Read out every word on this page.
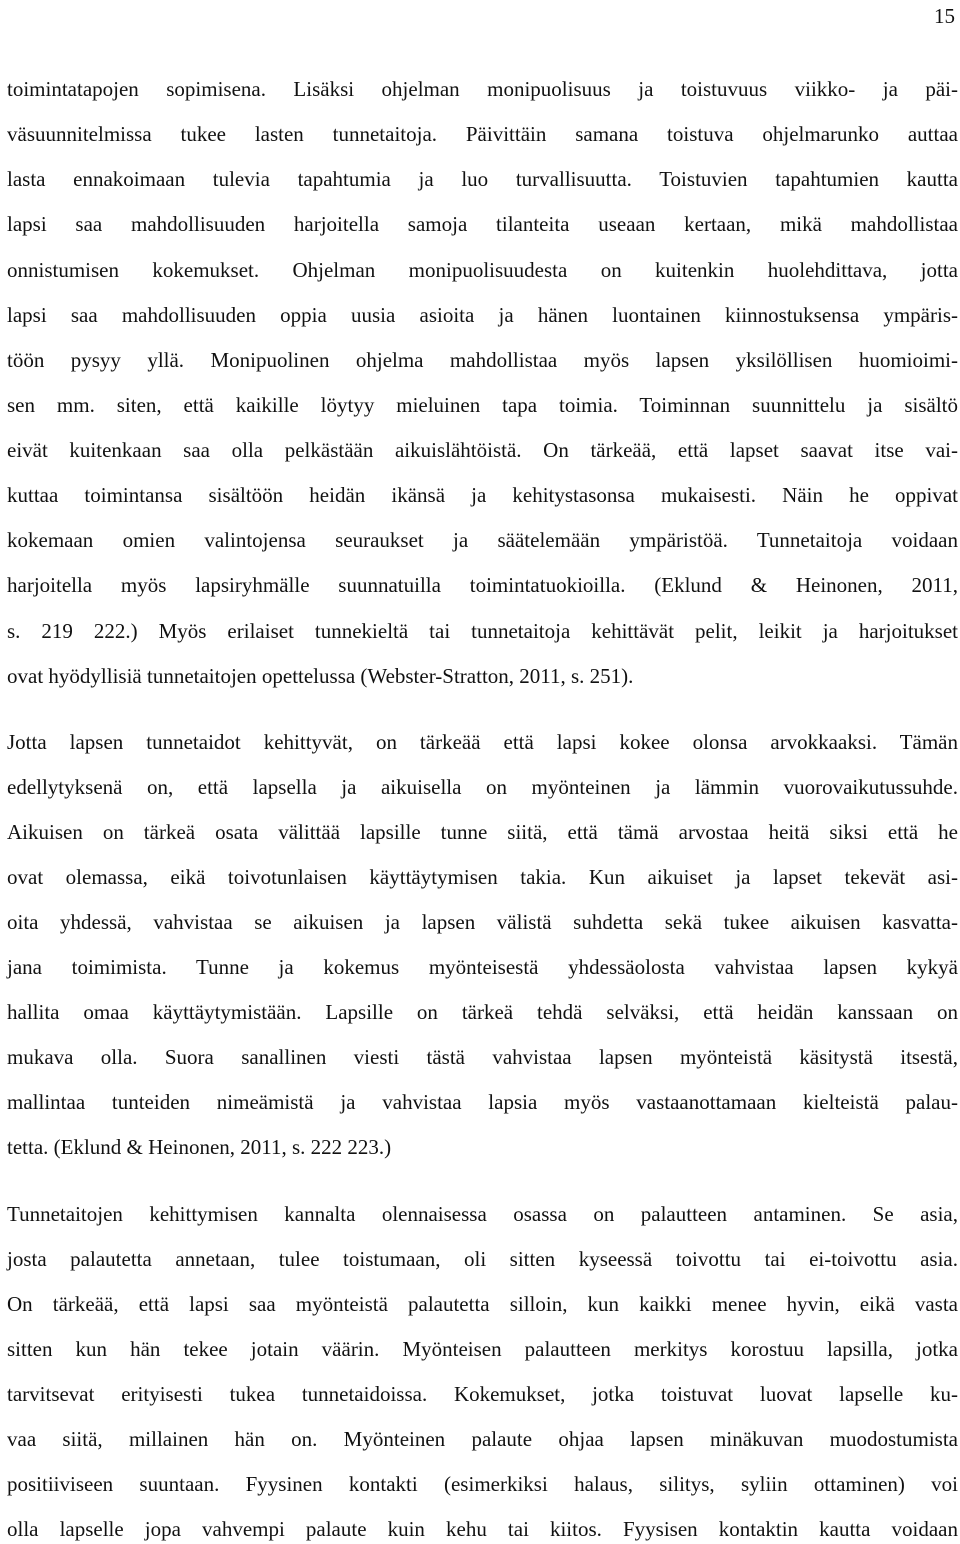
15
toimintatapojen sopimisena. Lisäksi ohjelman monipuolisuus ja toistuvuus viikko- ja päi-
väsuunnitelmissa tukee lasten tunnetaitoja. Päivittäin samana toistuva ohjelmarunko auttaa
lasta ennakoimaan tulevia tapahtumia ja luo turvallisuutta. Toistuvien tapahtumien kautta
lapsi saa mahdollisuuden harjoitella samoja tilanteita useaan kertaan, mikä mahdollistaa
onnistumisen kokemukset. Ohjelman monipuolisuudesta on kuitenkin huolehdittava, jotta
lapsi saa mahdollisuuden oppia uusia asioita ja hänen luontainen kiinnostuksensa ympäris-
töön pysyy yllä. Monipuolinen ohjelma mahdollistaa myös lapsen yksilöllisen huomioimi-
sen mm. siten, että kaikille löytyy mieluinen tapa toimia. Toiminnan suunnittelu ja sisältö
eivät kuitenkaan saa olla pelkästään aikuislähtöistä. On tärkeää, että lapset saavat itse vai-
kuttaa toimintansa sisältöön heidän ikänsä ja kehitystasonsa mukaisesti. Näin he oppivat
kokemaan omien valintojensa seuraukset ja säätelemään ympäristöä. Tunnetaitoja voidaan
harjoitella myös lapsiryhmälle suunnatuilla toimintatuokioilla. (Eklund & Heinonen, 2011,
s. 219 222.) Myös erilaiset tunnekieltä tai tunnetaitoja kehittävät pelit, leikit ja harjoitukset
ovat hyödyllisiä tunnetaitojen opettelussa (Webster-Stratton, 2011, s. 251).
Jotta lapsen tunnetaidot kehittyvät, on tärkeää että lapsi kokee olonsa arvokkaaksi. Tämän
edellytyksenä on, että lapsella ja aikuisella on myönteinen ja lämmin vuorovaikutussuhde.
Aikuisen on tärkeä osata välittää lapsille tunne siitä, että tämä arvostaa heitä siksi että he
ovat olemassa, eikä toivotunlaisen käyttäytymisen takia. Kun aikuiset ja lapset tekevät asi-
oita yhdessä, vahvistaa se aikuisen ja lapsen välistä suhdetta sekä tukee aikuisen kasvatta-
jana toimimista. Tunne ja kokemus myönteisestä yhdessäolosta vahvistaa lapsen kykyä
hallita omaa käyttäytymistään. Lapsille on tärkeä tehdä selväksi, että heidän kanssaan on
mukava olla. Suora sanallinen viesti tästä vahvistaa lapsen myönteistä käsitystä itsestä,
mallintaa tunteiden nimeämistä ja vahvistaa lapsia myös vastaanottamaan kielteistä palau-
tetta. (Eklund & Heinonen, 2011, s. 222 223.)
Tunnetaitojen kehittymisen kannalta olennaisessa osassa on palautteen antaminen. Se asia,
josta palautetta annetaan, tulee toistumaan, oli sitten kyseessä toivottu tai ei-toivottu asia.
On tärkeää, että lapsi saa myönteistä palautetta silloin, kun kaikki menee hyvin, eikä vasta
sitten kun hän tekee jotain väärin. Myönteisen palautteen merkitys korostuu lapsilla, jotka
tarvitsevat erityisesti tukea tunnetaidoissa. Kokemukset, jotka toistuvat luovat lapselle ku-
vaa siitä, millainen hän on. Myönteinen palaute ohjaa lapsen minäkuvan muodostumista
positiiviseen suuntaan. Fyysinen kontakti (esimerkiksi halaus, silitys, syliin ottaminen) voi
olla lapselle jopa vahvempi palaute kuin kehu tai kiitos. Fyysisen kontaktin kautta voidaan
